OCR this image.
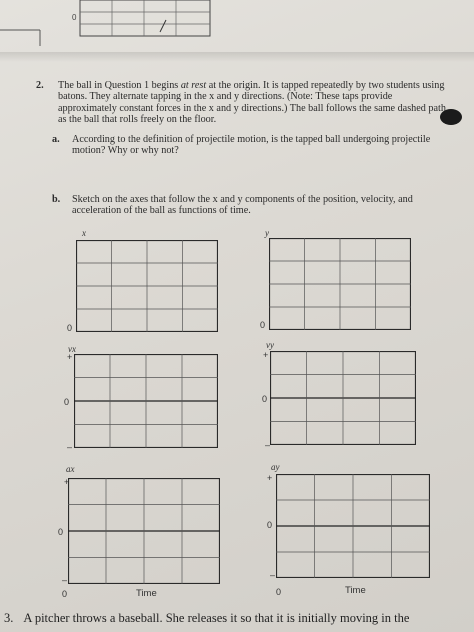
0
2. The ball in Question 1 begins at rest at the origin. It is tapped repeatedly by two students using batons. They alternate tapping in the x and y directions. (Note: These taps provide approximately constant forces in the x and y directions.) The ball follows the same dashed path as the ball that rolls freely on the floor.
a. According to the definition of projectile motion, is the tapped ball undergoing projectile motion? Why or why not?
b. Sketch on the axes that follow the x and y components of the position, velocity, and acceleration of the ball as functions of time.
x
0
y
0
vx
+
0
–
vy
+
0
–
ax
+
0
–
0	Time
ay
+
0
–
0	Time
3. A pitcher throws a baseball. She releases it so that it is initially moving in the
